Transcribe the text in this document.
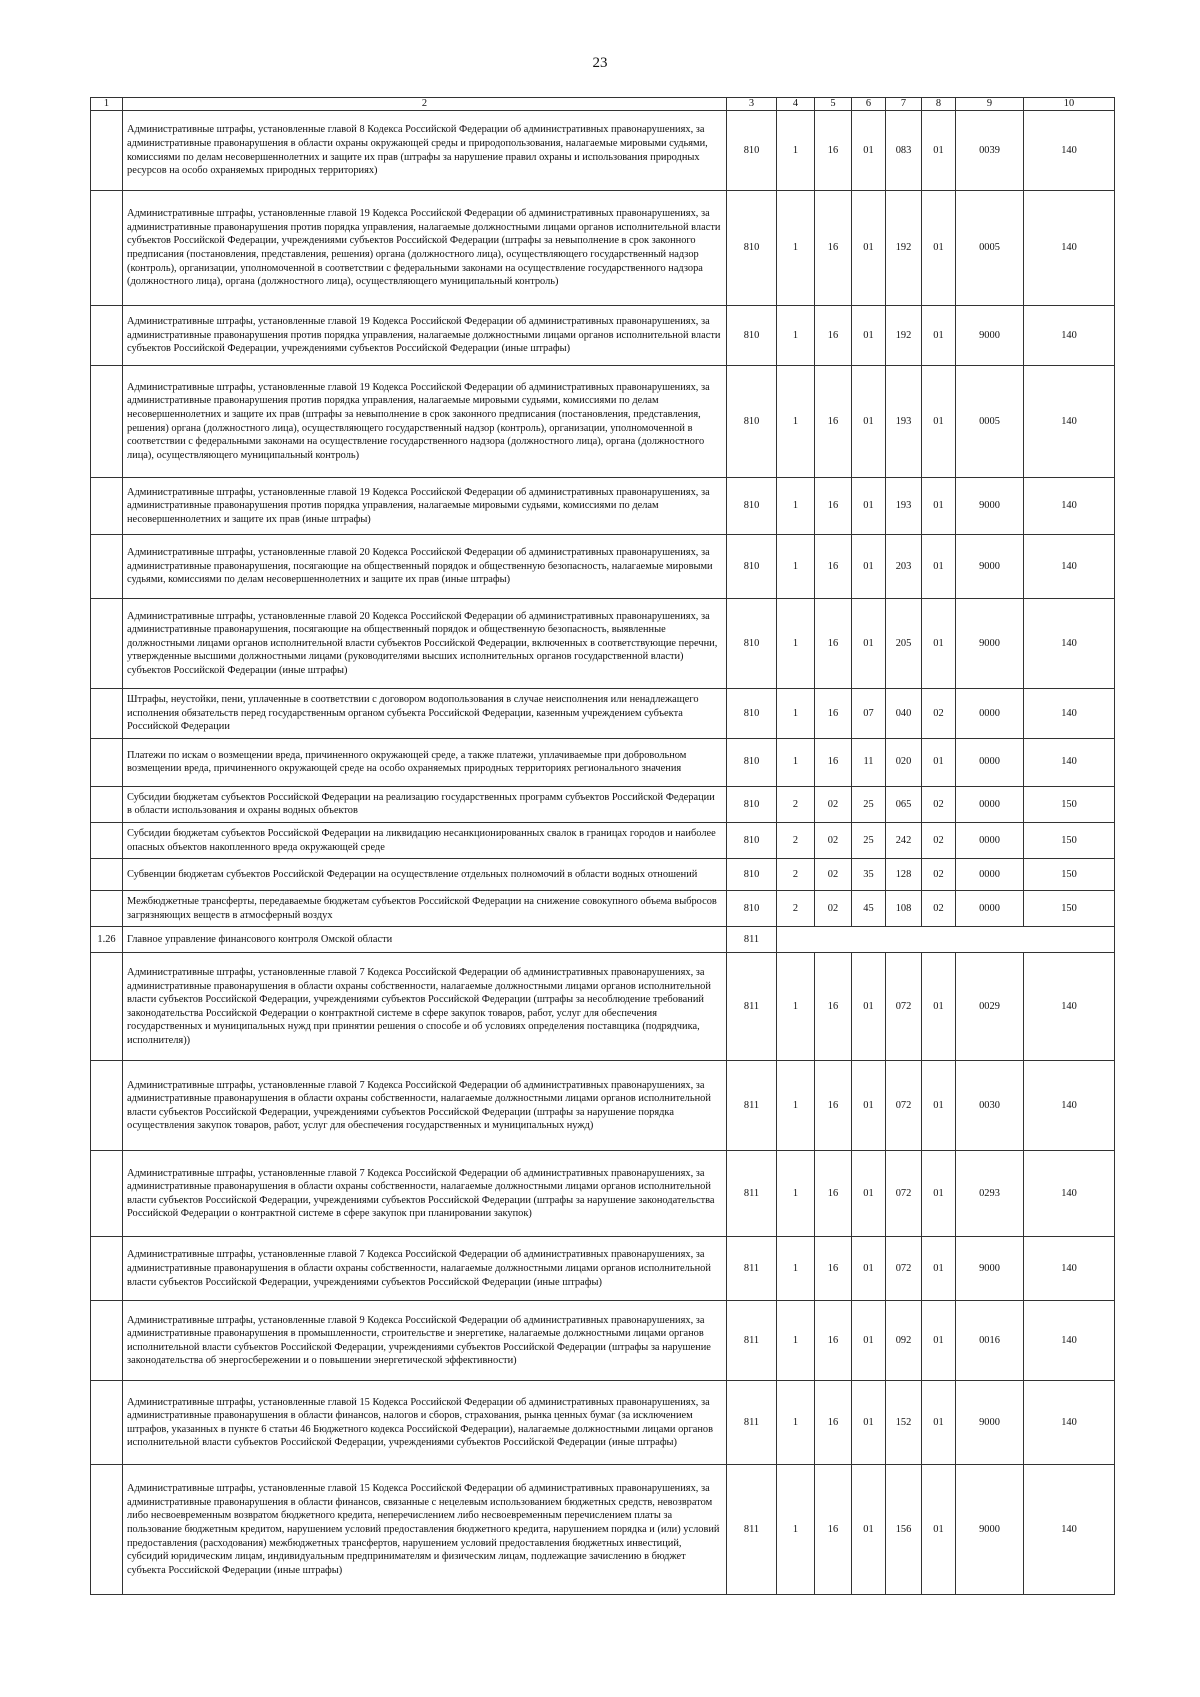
23
1	2	3	4	5	6	7	8	9	10
	Административные штрафы, установленные главой 8 Кодекса Российской Федерации об административных правонарушениях, за административные правонарушения в области охраны окружающей среды и природопользования, налагаемые мировыми судьями, комиссиями по делам несовершеннолетних и защите их прав (штрафы за нарушение правил охраны и использования природных ресурсов на особо охраняемых природных территориях)	810	1	16	01	083	01	0039	140
	Административные штрафы, установленные главой 19 Кодекса Российской Федерации об административных правонарушениях, за административные правонарушения против порядка управления, налагаемые должностными лицами органов исполнительной власти субъектов Российской Федерации, учреждениями субъектов Российской Федерации (штрафы за невыполнение в срок законного предписания (постановления, представления, решения) органа (должностного лица), осуществляющего государственный надзор (контроль), организации, уполномоченной в соответствии с федеральными законами на осуществление государственного надзора (должностного лица), органа (должностного лица), осуществляющего муниципальный контроль)	810	1	16	01	192	01	0005	140
	Административные штрафы, установленные главой 19 Кодекса Российской Федерации об административных правонарушениях, за административные правонарушения против порядка управления, налагаемые должностными лицами органов исполнительной власти субъектов Российской Федерации, учреждениями субъектов Российской Федерации (иные штрафы)	810	1	16	01	192	01	9000	140
	Административные штрафы, установленные главой 19 Кодекса Российской Федерации об административных правонарушениях, за административные правонарушения против порядка управления, налагаемые мировыми судьями, комиссиями по делам несовершеннолетних и защите их прав (штрафы за невыполнение в срок законного предписания (постановления, представления, решения) органа (должностного лица), осуществляющего государственный надзор (контроль), организации, уполномоченной в соответствии с федеральными законами на осуществление государственного надзора (должностного лица), органа (должностного лица), осуществляющего муниципальный контроль)	810	1	16	01	193	01	0005	140
	Административные штрафы, установленные главой 19 Кодекса Российской Федерации об административных правонарушениях, за административные правонарушения против порядка управления, налагаемые мировыми судьями, комиссиями по делам несовершеннолетних и защите их прав (иные штрафы)	810	1	16	01	193	01	9000	140
	Административные штрафы, установленные главой 20 Кодекса Российской Федерации об административных правонарушениях, за административные правонарушения, посягающие на общественный порядок и общественную безопасность, налагаемые мировыми судьями, комиссиями по делам несовершеннолетних и защите их прав (иные штрафы)	810	1	16	01	203	01	9000	140
	Административные штрафы, установленные главой 20 Кодекса Российской Федерации об административных правонарушениях, за административные правонарушения, посягающие на общественный порядок и общественную безопасность, выявленные должностными лицами органов исполнительной власти субъектов Российской Федерации, включенных в соответствующие перечни, утвержденные высшими должностными лицами (руководителями высших исполнительных органов государственной власти) субъектов Российской Федерации (иные штрафы)	810	1	16	01	205	01	9000	140
	Штрафы, неустойки, пени, уплаченные в соответствии с договором водопользования в случае неисполнения или ненадлежащего исполнения обязательств перед государственным органом субъекта Российской Федерации, казенным учреждением субъекта Российской Федерации	810	1	16	07	040	02	0000	140
	Платежи по искам о возмещении вреда, причиненного окружающей среде, а также платежи, уплачиваемые при добровольном возмещении вреда, причиненного окружающей среде на особо охраняемых природных территориях регионального значения	810	1	16	11	020	01	0000	140
	Субсидии бюджетам субъектов Российской Федерации на реализацию государственных программ субъектов Российской Федерации в области использования и охраны водных объектов	810	2	02	25	065	02	0000	150
	Субсидии бюджетам субъектов Российской Федерации на ликвидацию несанкционированных свалок в границах городов и наиболее опасных объектов накопленного вреда окружающей среде	810	2	02	25	242	02	0000	150
	Субвенции бюджетам субъектов Российской Федерации на осуществление отдельных полномочий в области водных отношений	810	2	02	35	128	02	0000	150
	Межбюджетные трансферты, передаваемые бюджетам субъектов Российской Федерации на снижение совокупного объема выбросов загрязняющих веществ в атмосферный воздух	810	2	02	45	108	02	0000	150
1.26	Главное управление финансового контроля Омской области	811							
	Административные штрафы, установленные главой 7 Кодекса Российской Федерации об административных правонарушениях, за административные правонарушения в области охраны собственности, налагаемые должностными лицами органов исполнительной власти субъектов Российской Федерации, учреждениями субъектов Российской Федерации (штрафы за несоблюдение требований законодательства Российской Федерации о контрактной системе в сфере закупок товаров, работ, услуг для обеспечения государственных и муниципальных нужд при принятии решения о способе и об условиях определения поставщика (подрядчика, исполнителя))	811	1	16	01	072	01	0029	140
	Административные штрафы, установленные главой 7 Кодекса Российской Федерации об административных правонарушениях, за административные правонарушения в области охраны собственности, налагаемые должностными лицами органов исполнительной власти субъектов Российской Федерации, учреждениями субъектов Российской Федерации (штрафы за нарушение порядка осуществления закупок товаров, работ, услуг для обеспечения государственных и муниципальных нужд)	811	1	16	01	072	01	0030	140
	Административные штрафы, установленные главой 7 Кодекса Российской Федерации об административных правонарушениях, за административные правонарушения в области охраны собственности, налагаемые должностными лицами органов исполнительной власти субъектов Российской Федерации, учреждениями субъектов Российской Федерации (штрафы за нарушение законодательства Российской Федерации о контрактной системе в сфере закупок при планировании закупок)	811	1	16	01	072	01	0293	140
	Административные штрафы, установленные главой 7 Кодекса Российской Федерации об административных правонарушениях, за административные правонарушения в области охраны собственности, налагаемые должностными лицами органов исполнительной власти субъектов Российской Федерации, учреждениями субъектов Российской Федерации (иные штрафы)	811	1	16	01	072	01	9000	140
	Административные штрафы, установленные главой 9 Кодекса Российской Федерации об административных правонарушениях, за административные правонарушения в промышленности, строительстве и энергетике, налагаемые должностными лицами органов исполнительной власти субъектов Российской Федерации, учреждениями субъектов Российской Федерации (штрафы за нарушение законодательства об энергосбережении и о повышении энергетической эффективности)	811	1	16	01	092	01	0016	140
	Административные штрафы, установленные главой 15 Кодекса Российской Федерации об административных правонарушениях, за административные правонарушения в области финансов, налогов и сборов, страхования, рынка ценных бумаг (за исключением штрафов, указанных в пункте 6 статьи 46 Бюджетного кодекса Российской Федерации), налагаемые должностными лицами органов исполнительной власти субъектов Российской Федерации, учреждениями субъектов Российской Федерации (иные штрафы)	811	1	16	01	152	01	9000	140
	Административные штрафы, установленные главой 15 Кодекса Российской Федерации об административных правонарушениях, за административные правонарушения в области финансов, связанные с нецелевым использованием бюджетных средств, невозвратом либо несвоевременным возвратом бюджетного кредита, неперечислением либо несвоевременным перечислением платы за пользование бюджетным кредитом, нарушением условий предоставления бюджетного кредита, нарушением порядка и (или) условий предоставления (расходования) межбюджетных трансфертов, нарушением условий предоставления бюджетных инвестиций, субсидий юридическим лицам, индивидуальным предпринимателям и физическим лицам, подлежащие зачислению в бюджет субъекта Российской Федерации (иные штрафы)	811	1	16	01	156	01	9000	140
